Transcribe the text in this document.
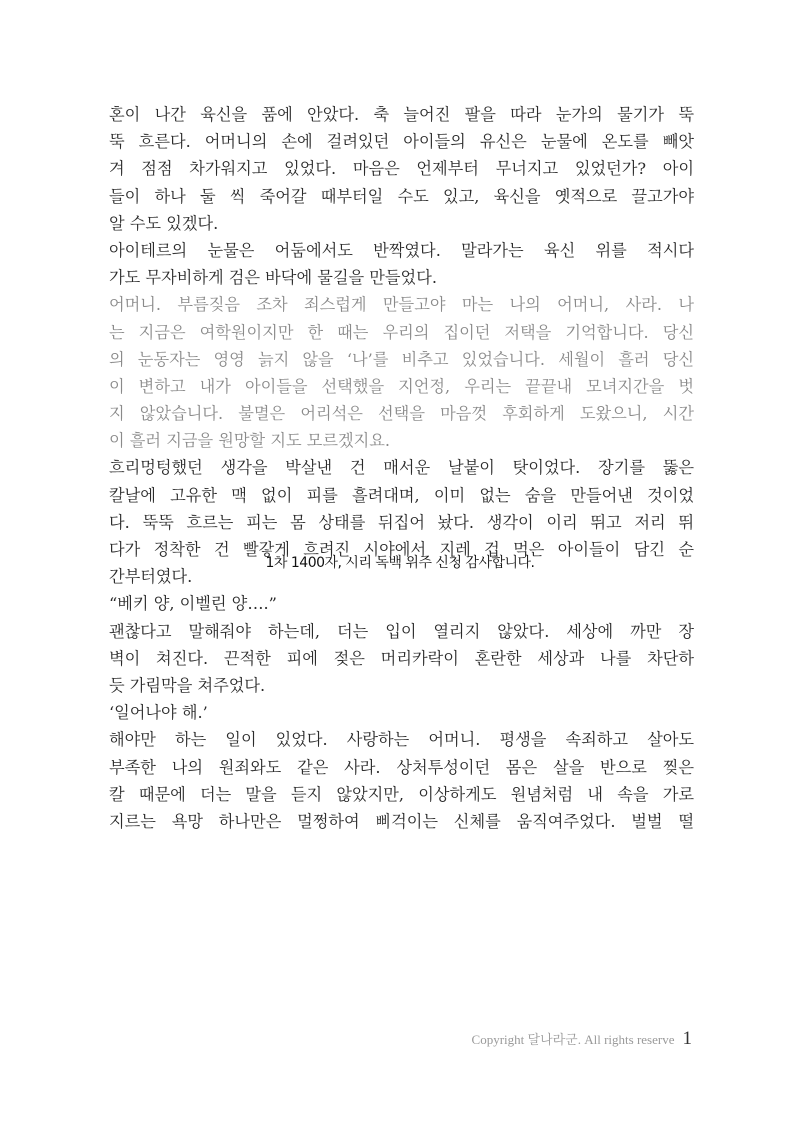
혼이 나간 육신을 품에 안았다. 축 늘어진 팔을 따라 눈가의 물기가 뚝
뚝 흐른다. 어머니의 손에 걸려있던 아이들의 유신은 눈물에 온도를 빼앗
겨 점점 차가워지고 있었다. 마음은 언제부터 무너지고 있었던가? 아이
들이 하나 둘 씩 죽어갈 때부터일 수도 있고, 육신을 옛적으로 끌고가야
알 수도 있겠다.
아이테르의 눈물은 어둠에서도 반짝였다. 말라가는 육신 위를 적시다
가도 무자비하게 검은 바닥에 물길을 만들었다.
어머니. 부름짖음 조차 죄스럽게 만들고야 마는 나의 어머니, 사라. 나
는 지금은 여학원이지만 한 때는 우리의 집이던 저택을 기억합니다. 당신
의 눈동자는 영영 늙지 않을 ‘나’를 비추고 있었습니다. 세월이 흘러 당신
이 변하고 내가 아이들을 선택했을 지언정, 우리는 끝끝내 모녀지간을 벗
지 않았습니다. 불멸은 어리석은 선택을 마음껏 후회하게 도왔으니, 시간
이 흘러 지금을 원망할 지도 모르겠지요.
흐리멍텅했던 생각을 박살낸 건 매서운 날붙이 탓이었다. 장기를 뚫은
칼날에 고유한 맥 없이 피를 흘려대며, 이미 없는 숨을 만들어낸 것이었
다. 뚝뚝 흐르는 피는 몸 상태를 뒤집어 놨다. 생각이 이리 뛰고 저리 뛰
다가 정착한 건 빨갛게 흐려진 시야에서 지레 겁 먹은 아이들이 담긴 순
간부터였다.
“베키 양, 이벨린 양….”
괜찮다고 말해줘야 하는데, 더는 입이 열리지 않았다. 세상에 까만 장
벽이 쳐진다. 끈적한 피에 젖은 머리카락이 혼란한 세상과 나를 차단하
듯 가림막을 쳐주었다.
‘일어나야 해.’
해야만 하는 일이 있었다. 사랑하는 어머니. 평생을 속죄하고 살아도
부족한 나의 원죄와도 같은 사라. 상처투성이던 몸은 살을 반으로 찢은
칼 때문에 더는 말을 듣지 않았지만, 이상하게도 원념처럼 내 속을 가로
지르는 욕망 하나만은 멀쩡하여 삐걱이는 신체를 움직여주었다. 벌벌 떨
1차 1400자, 시리 독백 위주 신청 감사합니다.
Copyright 달나라군. All rights reserve 1
